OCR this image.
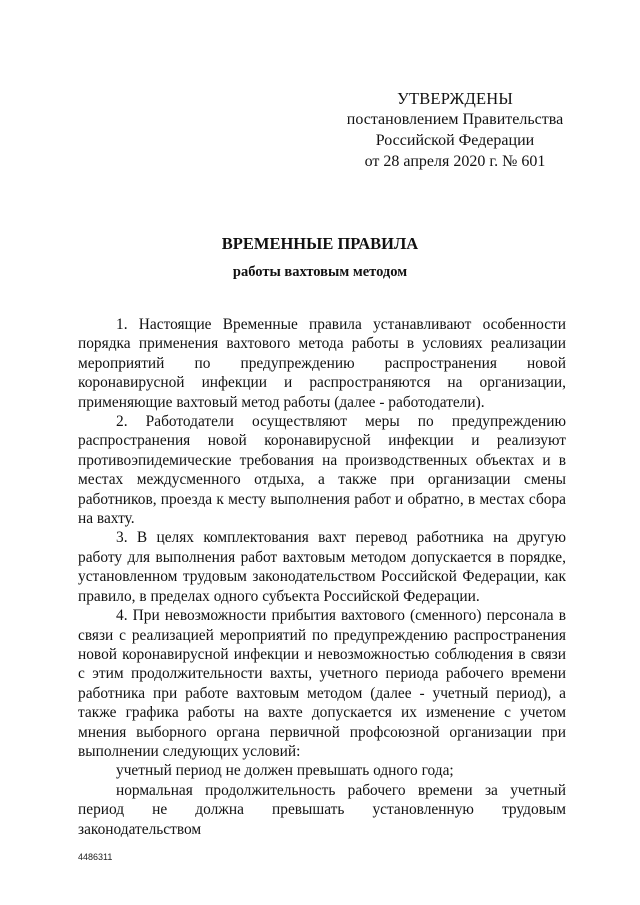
УТВЕРЖДЕНЫ
постановлением Правительства
Российской Федерации
от 28 апреля 2020 г. № 601
ВРЕМЕННЫЕ ПРАВИЛА
работы вахтовым методом

1. Настоящие Временные правила устанавливают особенности порядка применения вахтового метода работы в условиях реализации мероприятий по предупреждению распространения новой коронавирусной инфекции и распространяются на организации, применяющие вахтовый метод работы (далее - работодатели).

2. Работодатели осуществляют меры по предупреждению распространения новой коронавирусной инфекции и реализуют противоэпидемические требования на производственных объектах и в местах междусменного отдыха, а также при организации смены работников, проезда к месту выполнения работ и обратно, в местах сбора на вахту.

3. В целях комплектования вахт перевод работника на другую работу для выполнения работ вахтовым методом допускается в порядке, установленном трудовым законодательством Российской Федерации, как правило, в пределах одного субъекта Российской Федерации.

4. При невозможности прибытия вахтового (сменного) персонала в связи с реализацией мероприятий по предупреждению распространения новой коронавирусной инфекции и невозможностью соблюдения в связи с этим продолжительности вахты, учетного периода рабочего времени работника при работе вахтовым методом (далее - учетный период), а также графика работы на вахте допускается их изменение с учетом мнения выборного органа первичной профсоюзной организации при выполнении следующих условий:

учетный период не должен превышать одного года;

нормальная продолжительность рабочего времени за учетный период не должна превышать установленную трудовым законодательством

4486311
